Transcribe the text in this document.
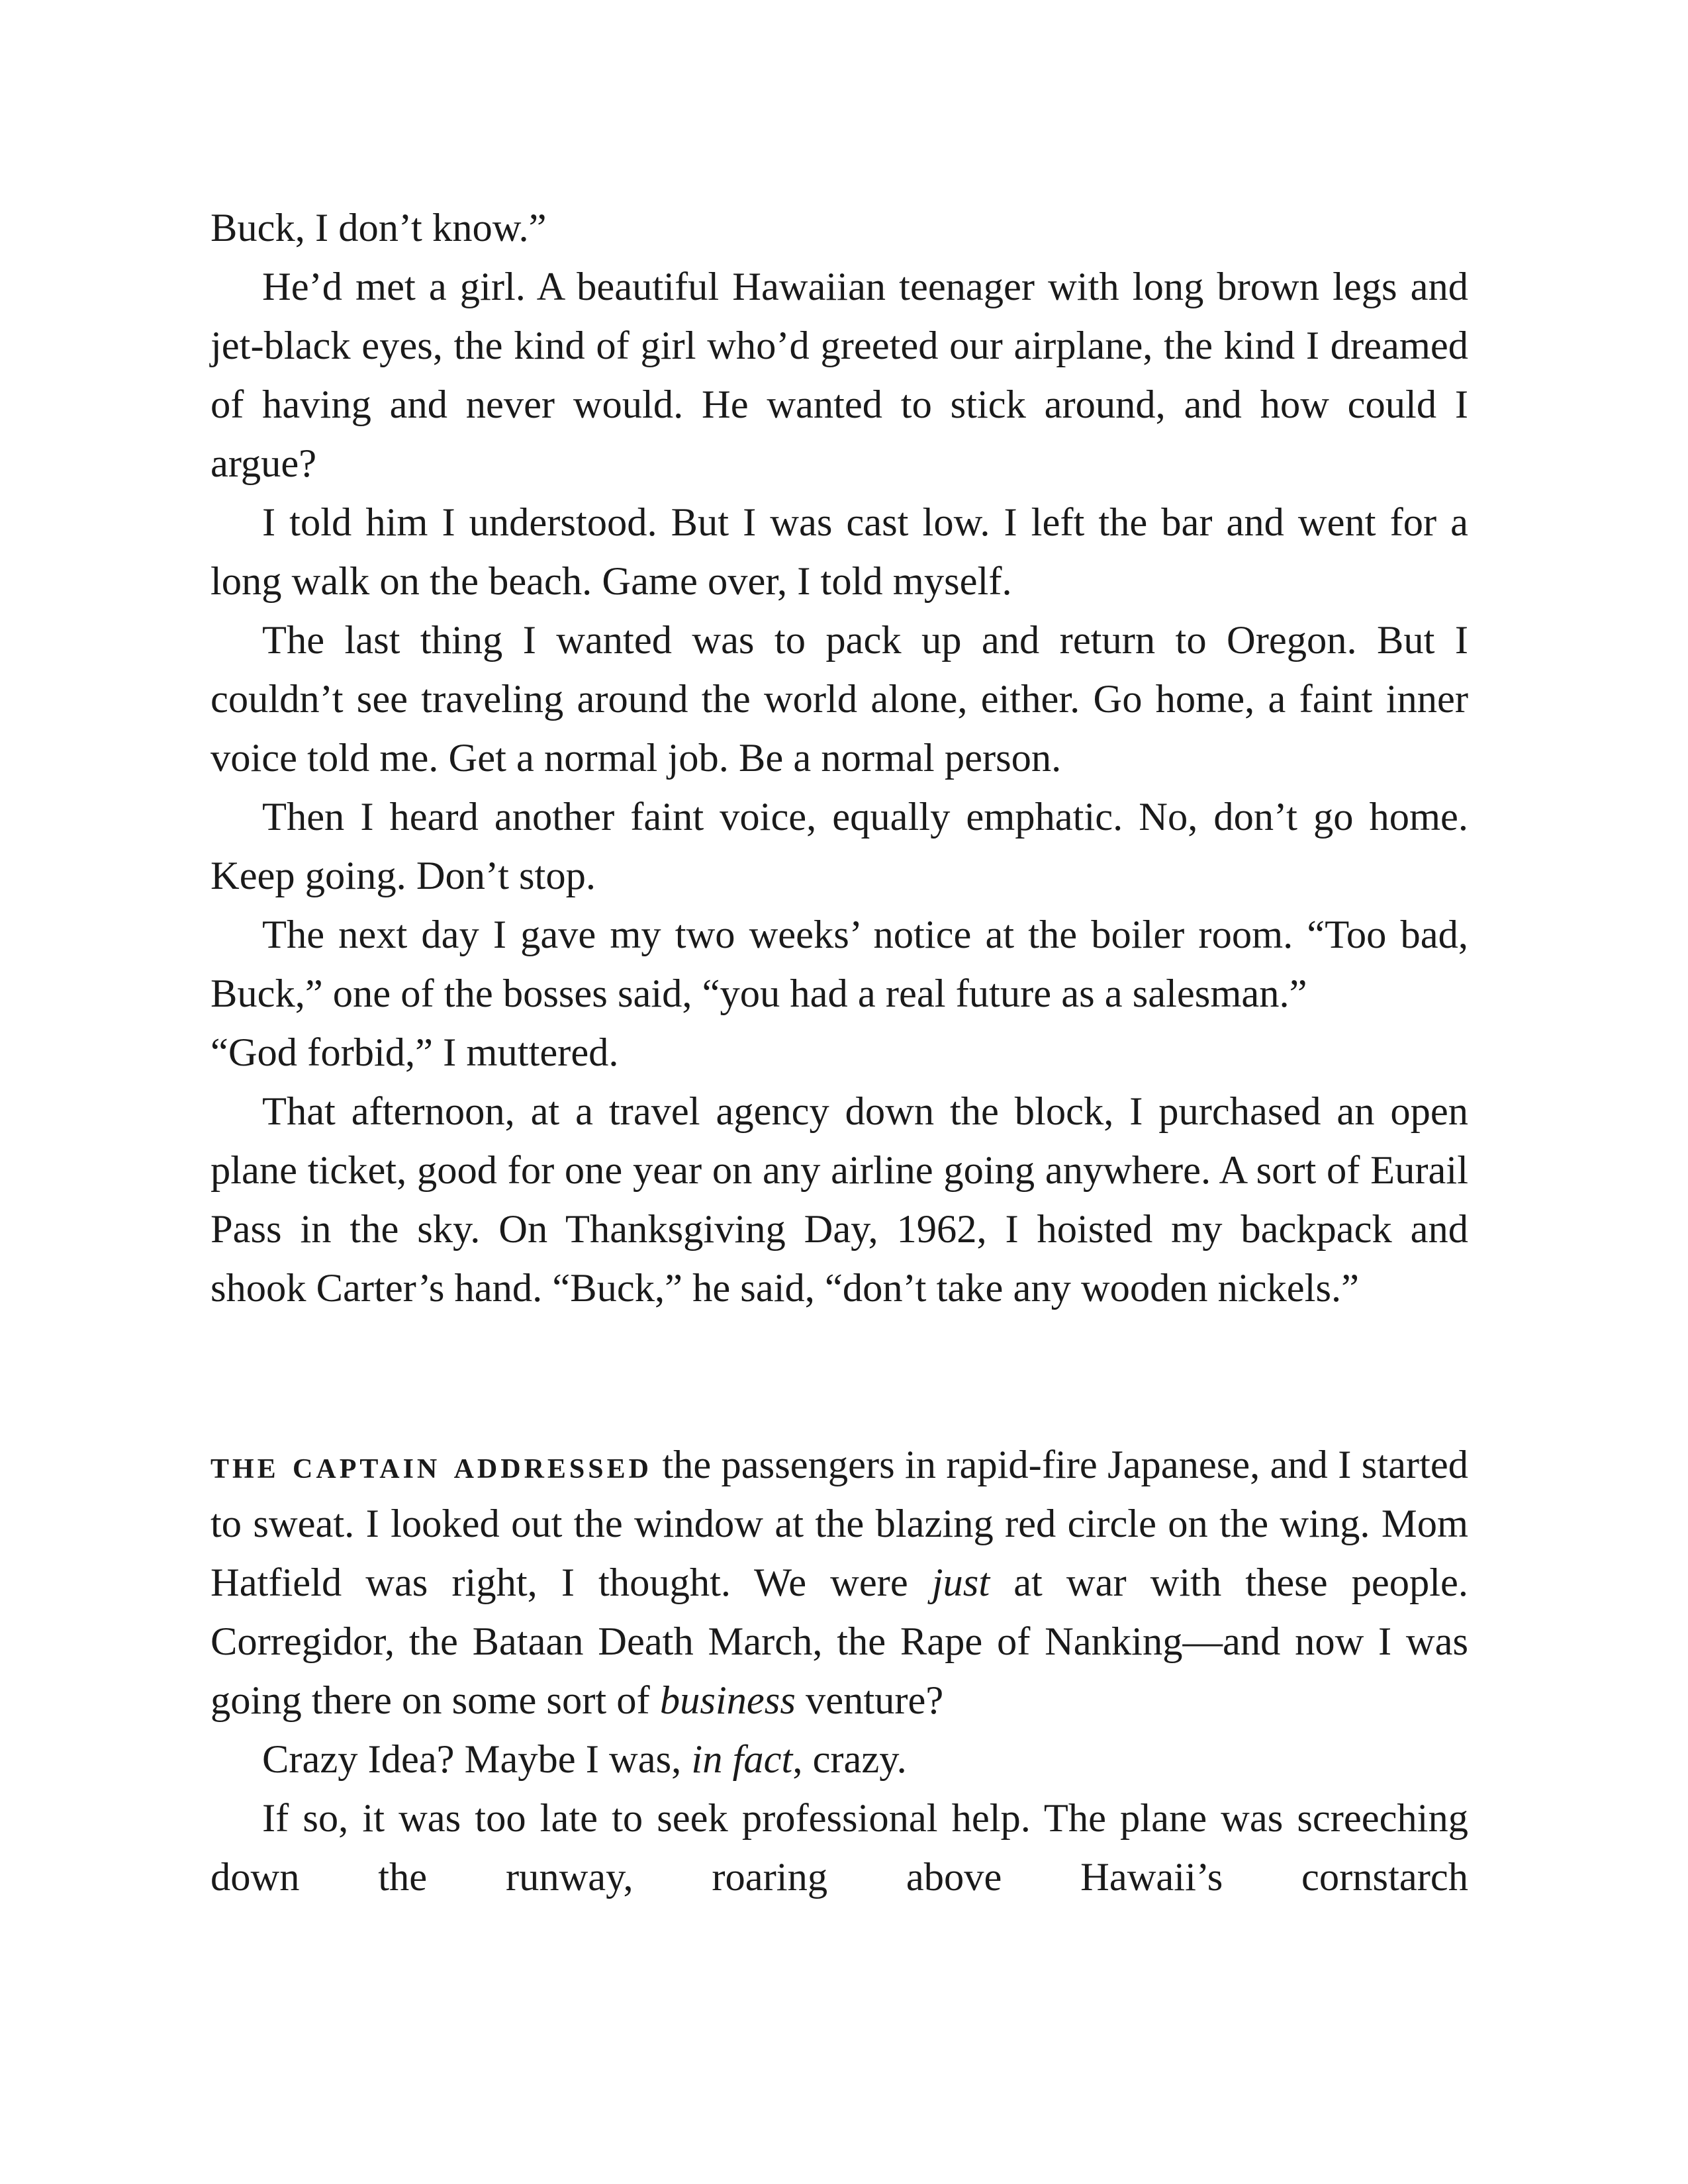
Buck, I don’t know.”

He’d met a girl. A beautiful Hawaiian teenager with long brown legs and jet-black eyes, the kind of girl who’d greeted our airplane, the kind I dreamed of having and never would. He wanted to stick around, and how could I argue?

I told him I understood. But I was cast low. I left the bar and went for a long walk on the beach. Game over, I told myself.

The last thing I wanted was to pack up and return to Oregon. But I couldn’t see traveling around the world alone, either. Go home, a faint inner voice told me. Get a normal job. Be a normal person.

Then I heard another faint voice, equally emphatic. No, don’t go home. Keep going. Don’t stop.

The next day I gave my two weeks’ notice at the boiler room. “Too bad, Buck,” one of the bosses said, “you had a real future as a salesman.”

“God forbid,” I muttered.

That afternoon, at a travel agency down the block, I purchased an open plane ticket, good for one year on any airline going anywhere. A sort of Eurail Pass in the sky. On Thanksgiving Day, 1962, I hoisted my backpack and shook Carter’s hand. “Buck,” he said, “don’t take any wooden nickels.”

the captain addressed the passengers in rapid-fire Japanese, and I started to sweat. I looked out the window at the blazing red circle on the wing. Mom Hatfield was right, I thought. We were just at war with these people. Corregidor, the Bataan Death March, the Rape of Nanking—and now I was going there on some sort of business venture?

Crazy Idea? Maybe I was, in fact, crazy.

If so, it was too late to seek professional help. The plane was screeching down the runway, roaring above Hawaii’s cornstarch
